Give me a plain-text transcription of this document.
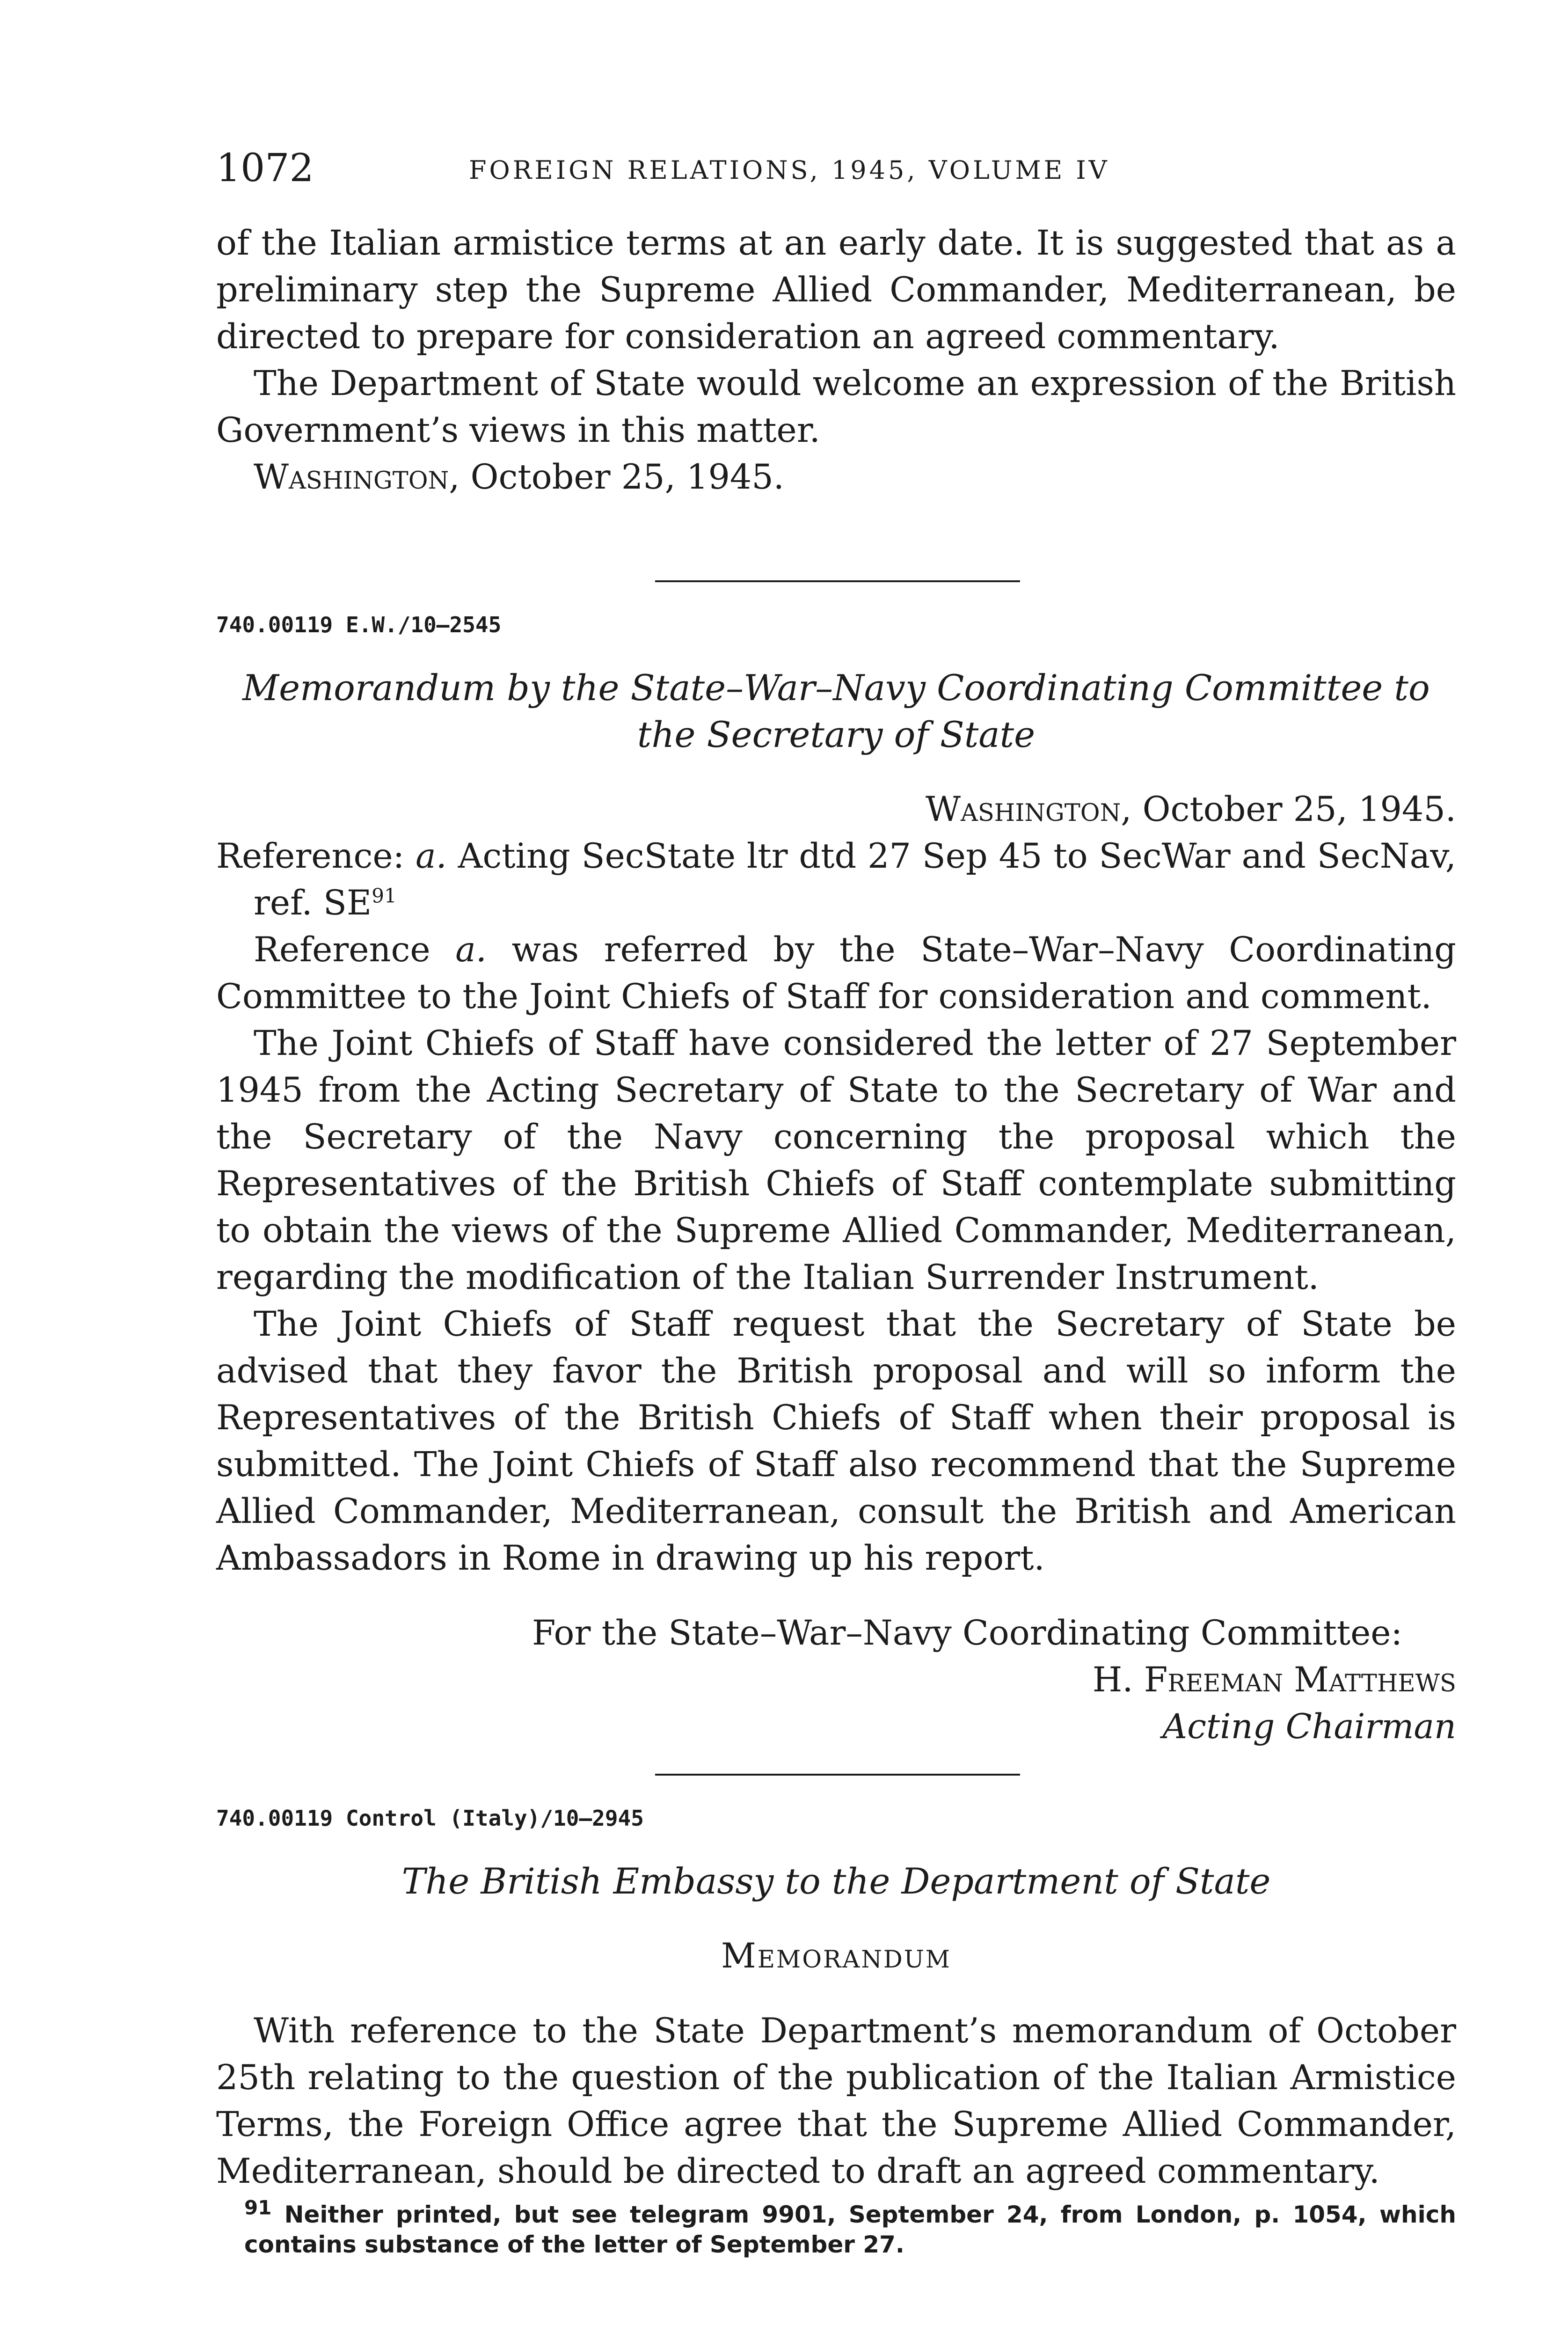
1072	FOREIGN RELATIONS, 1945, VOLUME IV

of the Italian armistice terms at an early date. It is suggested that as a preliminary step the Supreme Allied Commander, Mediterranean, be directed to prepare for consideration an agreed commentary.

The Department of State would welcome an expression of the British Government’s views in this matter.

Washington, October 25, 1945.

740.00119 E.W./10–2545
Memorandum by the State–War–Navy Coordinating Committee to
the Secretary of State

Washington, October 25, 1945.

Reference: a. Acting SecState ltr dtd 27 Sep 45 to SecWar and SecNav, ref. SE$^{91}$

Reference a. was referred by the State–War–Navy Coordinating Committee to the Joint Chiefs of Staff for consideration and comment.

The Joint Chiefs of Staff have considered the letter of 27 September 1945 from the Acting Secretary of State to the Secretary of War and the Secretary of the Navy concerning the proposal which the Representatives of the British Chiefs of Staff contemplate submitting to obtain the views of the Supreme Allied Commander, Mediterranean, regarding the modification of the Italian Surrender Instrument.

The Joint Chiefs of Staff request that the Secretary of State be advised that they favor the British proposal and will so inform the Representatives of the British Chiefs of Staff when their proposal is submitted. The Joint Chiefs of Staff also recommend that the Supreme Allied Commander, Mediterranean, consult the British and American Ambassadors in Rome in drawing up his report.

For the State–War–Navy Coordinating Committee:
H. Freeman Matthews
Acting Chairman
740.00119 Control (Italy)/10–2945
The British Embassy to the Department of State
Memorandum

With reference to the State Department’s memorandum of October 25th relating to the question of the publication of the Italian Armistice Terms, the Foreign Office agree that the Supreme Allied Commander, Mediterranean, should be directed to draft an agreed commentary.

$^{91}$ Neither printed, but see telegram 9901, September 24, from London, p. 1054, which contains substance of the letter of September 27.
